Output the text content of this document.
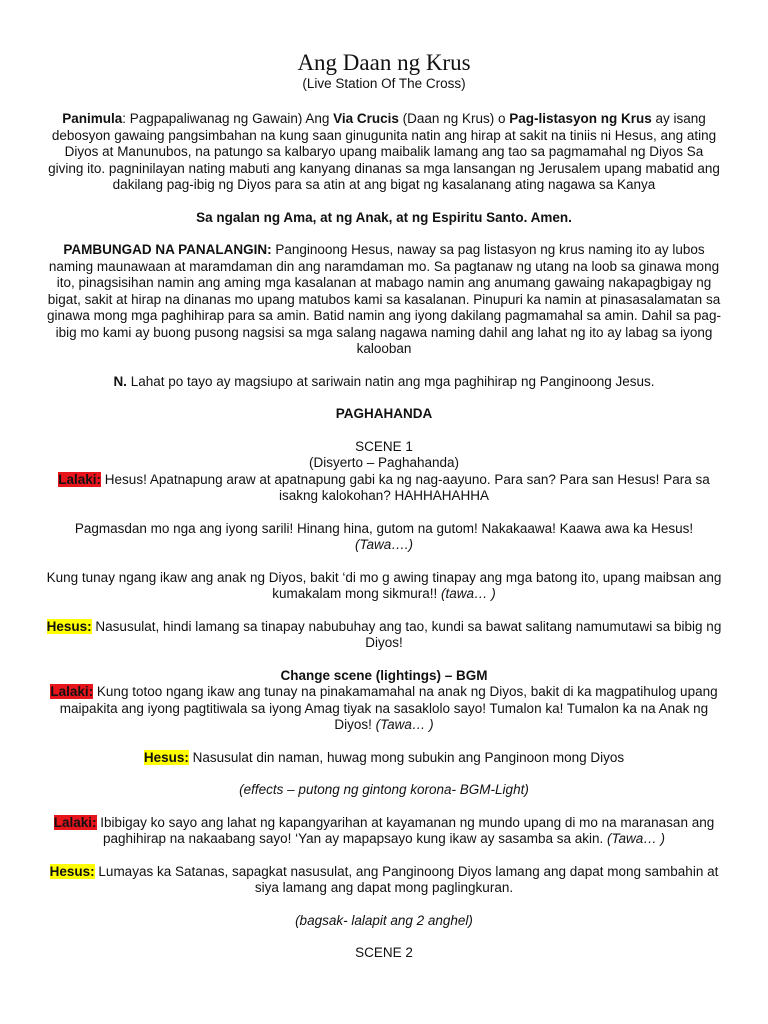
Ang Daan ng Krus
(Live Station Of The Cross)

Panimula: Pagpapaliwanag ng Gawain) Ang Via Crucis (Daan ng Krus) o Pag-listasyon ng Krus ay isang debosyon gawaing pangsimbahan na kung saan ginugunita natin ang hirap at sakit na tiniis ni Hesus, ang ating Diyos at Manunubos, na patungo sa kalbaryo upang maibalik lamang ang tao sa pagmamahal ng Diyos Sa giving ito. pagninilayan nating mabuti ang kanyang dinanas sa mga lansangan ng Jerusalem upang mabatid ang dakilang pag-ibig ng Diyos para sa atin at ang bigat ng kasalanang ating nagawa sa Kanya

Sa ngalan ng Ama, at ng Anak, at ng Espiritu Santo. Amen.

PAMBUNGAD NA PANALANGIN: Panginoong Hesus, naway sa pag listasyon ng krus naming ito ay lubos naming maunawaan at maramdaman din ang naramdaman mo. Sa pagtanaw ng utang na loob sa ginawa mong ito, pinagsisihan namin ang aming mga kasalanan at mabago namin ang anumang gawaing nakapagbigay ng bigat, sakit at hirap na dinanas mo upang matubos kami sa kasalanan. Pinupuri ka namin at pinasasalamatan sa ginawa mong mga paghihirap para sa amin. Batid namin ang iyong dakilang pagmamahal sa amin. Dahil sa pag-ibig mo kami ay buong pusong nagsisi sa mga salang nagawa naming dahil ang lahat ng ito ay labag sa iyong kalooban

N. Lahat po tayo ay magsiupo at sariwain natin ang mga paghihirap ng Panginoong Jesus.

PAGHAHANDA

SCENE 1

(Disyerto – Paghahanda)

Lalaki: Hesus! Apatnapung araw at apatnapung gabi ka ng nag-aayuno. Para san? Para san Hesus! Para sa isakng kalokohan? HAHHAHAHHA

Pagmasdan mo nga ang iyong sarili! Hinang hina, gutom na gutom! Nakakaawa! Kaawa awa ka Hesus!
(Tawa….)

Kung tunay ngang ikaw ang anak ng Diyos, bakit ‘di mo g awing tinapay ang mga batong ito, upang maibsan ang kumakalam mong sikmura!! (tawa… )

Hesus: Nasusulat, hindi lamang sa tinapay nabubuhay ang tao, kundi sa bawat salitang namumutawi sa bibig ng Diyos!

Change scene (lightings) – BGM

Lalaki: Kung totoo ngang ikaw ang tunay na pinakamamahal na anak ng Diyos, bakit di ka magpatihulog upang maipakita ang iyong pagtitiwala sa iyong Amag tiyak na sasaklolo sayo! Tumalon ka! Tumalon ka na Anak ng Diyos! (Tawa… )

Hesus: Nasusulat din naman, huwag mong subukin ang Panginoon mong Diyos

(effects – putong ng gintong korona- BGM-Light)

Lalaki: Ibibigay ko sayo ang lahat ng kapangyarihan at kayamanan ng mundo upang di mo na maranasan ang paghihirap na nakaabang sayo! ‘Yan ay mapapsayo kung ikaw ay sasamba sa akin. (Tawa… )

Hesus: Lumayas ka Satanas, sapagkat nasusulat, ang Panginoong Diyos lamang ang dapat mong sambahin at siya lamang ang dapat mong paglingkuran.

(bagsak- lalapit ang 2 anghel)

SCENE 2
